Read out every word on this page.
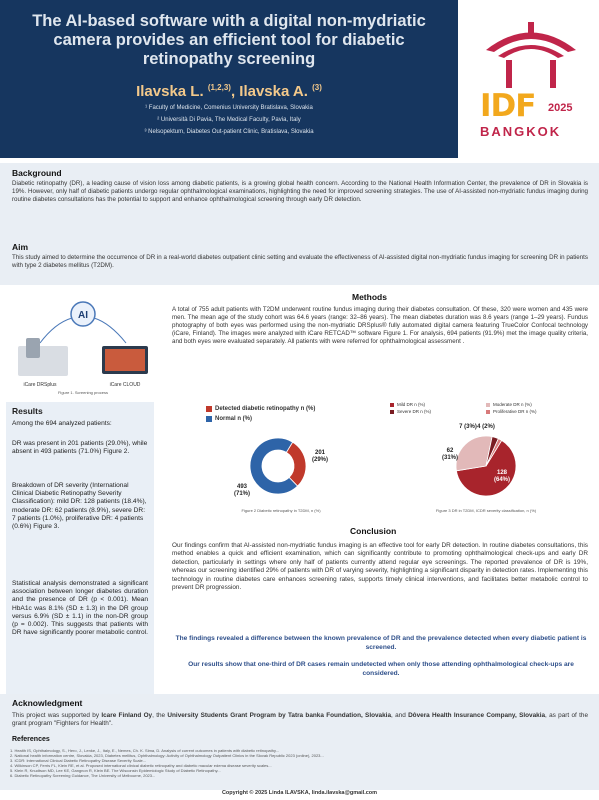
The AI-based software with a digital non-mydriatic camera provides an efficient tool for diabetic retinopathy screening
Ilavska L. $^{(1,2,3)}$, Ilavska A. $^{(3)}$
¹ Faculty of Medicine, Comenius University Bratislava, Slovakia
² Università Di Pavia, The Medical Faculty, Pavia, Italy
³ Nelsopektum, Diabetes Out-patient Clinic, Bratislava, Slovakia
IDF 2025
BANGKOK
Background
Diabetic retinopathy (DR), a leading cause of vision loss among diabetic patients, is a growing global health concern. According to the National Health Information Center, the prevalence of DR in Slovakia is 19%. However, only half of diabetic patients undergo regular ophthalmological examinations, highlighting the need for improved screening strategies. The use of AI-assisted non-mydriatic fundus imaging during routine diabetes consultations has the potential to support and enhance ophthalmological screening through early DR detection.
Aim
This study aimed to determine the occurrence of DR in a real-world diabetes outpatient clinic setting and evaluate the effectiveness of AI-assisted digital non-mydriatic fundus imaging for screening DR in patients with type 2 diabetes mellitus (T2DM).
Methods
A total of 755 adult patients with T2DM underwent routine fundus imaging during their diabetes consultation. Of these, 320 were women and 435 were men. The mean age of the study cohort was 64.6 years (range: 32–86 years). The mean diabetes duration was 8.6 years (range 1–29 years). Fundus photography of both eyes was performed using the non-mydriatic DRSplus® fully automated digital camera featuring TrueColor Confocal technology (iCare, Finland). The images were analyzed with iCare RETCAD™ software Figure 1. For analysis, 694 patients (91.9%) met the image quality criteria, and both eyes were evaluated separately. All patients with were referred for ophthalmological assessment .
AI
iCare DRSplus	iCare CLOUD
Figure 1. Screening process
Results
Among the 694 analyzed patients:
DR was present in 201 patients (29.0%), while absent in 493 patients (71.0%) Figure 2.
Breakdown of DR severity (International Clinical Diabetic Retinopathy Severity Classification): mild DR: 128 patients (18.4%), moderate DR: 62 patients (8.9%), severe DR: 7 patients (1.0%), proliferative DR: 4 patients (0.6%) Figure 3.
Statistical analysis demonstrated a significant association between longer diabetes duration and the presence of DR (p < 0.001). Mean HbA1c was 8.1% (SD ± 1.3) in the DR group versus 6.9% (SD ± 1.1) in the non-DR group (p = 0.002). This suggests that patients with DR have significantly poorer metabolic control.
Detected diabetic retinopathy n (%)
Normal n (%)
201
(29%)
493
(71%)
Figure 2 Diabetic retinopathy in T2DM, n (%)
Mild DR n (%)	Moderate DR n (%)
Severe DR n (%)	Proliferative DR n (%)
128
(64%)
62
(31%)
7 (3%) 4 (2%)
Figure 3 DR in T2DM, ICDR severity classification, n (%)
Conclusion
Our findings confirm that AI-assisted non-mydriatic fundus imaging is an effective tool for early DR detection. In routine diabetes consultations, this method enables a quick and efficient examination, which can significantly contribute to promoting ophthalmological check-ups and early DR detection, particularly in settings where only half of patients currently attend regular eye screenings. The reported prevalence of DR is 19%, whereas our screening identified 29% of patients with DR of varying severity, highlighting a significant disparity in detection rates. Implementing this technology in routine diabetes care enhances screening rates, supports timely clinical interventions, and facilitates better metabolic control to prevent DR progression.
The findings revealed a difference between the known prevalence of DR and the prevalence detected when every diabetic patient is screened.
Our results show that one-third of DR cases remain undetected when only those attending ophthalmological check-ups are considered.
Acknowledgment
This project was supported by Icare Finland Oy, the University Students Grant Program by Tatra banka Foundation, Slovakia, and Dôvera Health Insurance Company, Slovakia, as part of the grant program "Fighters for Health".
References
1. Health IS, Ophthalmology, S., Hero, J., Lenke, J., Italy, E., Nemes, Ch. K. Sima, D. Analysis of current outcomes in patients with diabetic retinopathy...
2. National health information centre, Slovakia, 2023, Diabetes mellitus, Ophthalmology: Activity of Ophthalmology Outpatient Clinics in the Slovak Republic 2023 (online), 2023...
3. ICDR: International Clinical Diabetic Retinopathy Disease Severity Scale...
4. Wilkinson CP, Ferris FL, Klein RE, et al. Proposed international clinical diabetic retinopathy and diabetic macular edema disease severity scales...
5. Klein R, Knudtson MD, Lee KE, Gangnon R, Klein BE. The Wisconsin Epidemiologic Study of Diabetic Retinopathy...
6. Diabetic Retinopathy Screening Guidance, The University of Melbourne, 2023...
Copyright © 2025 Linda ILAVSKA, linda.ilavska@gmail.com
